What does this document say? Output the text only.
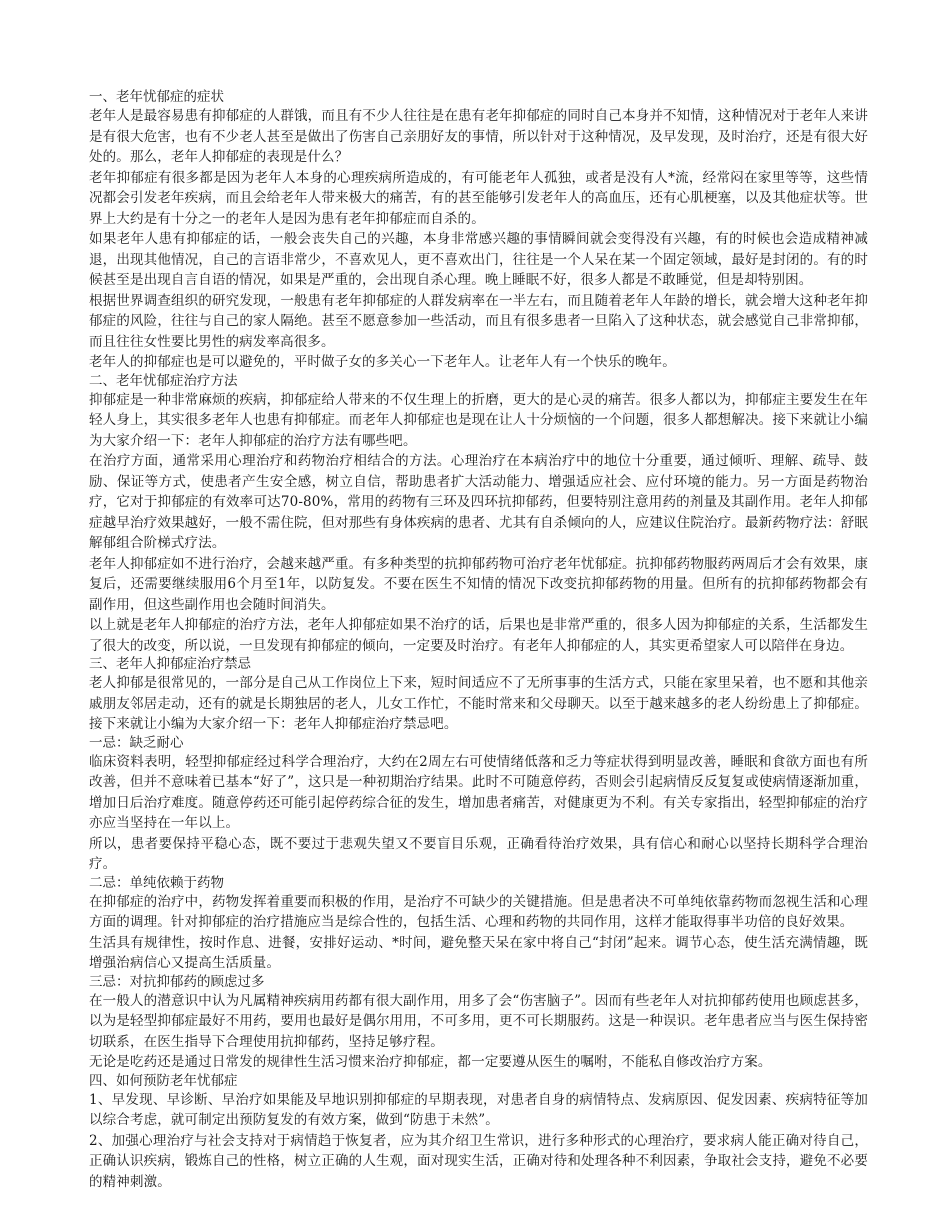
一、老年忧郁症的症状

老年人是最容易患有抑郁症的人群饿，而且有不少人往往是在患有老年抑郁症的同时自己本身并不知情，这种情况对于老年人来讲是有很大危害，也有不少老人甚至是做出了伤害自己亲朋好友的事情，所以针对于这种情况，及早发现，及时治疗，还是有很大好处的。那么，老年人抑郁症的表现是什么？

老年抑郁症有很多都是因为老年人本身的心理疾病所造成的，有可能老年人孤独，或者是没有人*流，经常闷在家里等等，这些情况都会引发老年疾病，而且会给老年人带来极大的痛苦，有的甚至能够引发老年人的高血压，还有心肌梗塞，以及其他症状等。世界上大约是有十分之一的老年人是因为患有老年抑郁症而自杀的。

如果老年人患有抑郁症的话，一般会丧失自己的兴趣，本身非常感兴趣的事情瞬间就会变得没有兴趣，有的时候也会造成精神减退，出现其他情况，自己的言语非常少，不喜欢见人，更不喜欢出门，往往是一个人呆在某一个固定领域，最好是封闭的。有的时候甚至是出现自言自语的情况，如果是严重的，会出现自杀心理。晚上睡眠不好，很多人都是不敢睡觉，但是却特别困。

根据世界调查组织的研究发现，一般患有老年抑郁症的人群发病率在一半左右，而且随着老年人年龄的增长，就会增大这种老年抑郁症的风险，往往与自己的家人隔绝。甚至不愿意参加一些活动，而且有很多患者一旦陷入了这种状态，就会感觉自己非常抑郁，而且往往女性要比男性的病发率高很多。

老年人的抑郁症也是可以避免的，平时做子女的多关心一下老年人。让老年人有一个快乐的晚年。

二、老年忧郁症治疗方法

抑郁症是一种非常麻烦的疾病，抑郁症给人带来的不仅生理上的折磨，更大的是心灵的痛苦。很多人都以为，抑郁症主要发生在年轻人身上，其实很多老年人也患有抑郁症。而老年人抑郁症也是现在让人十分烦恼的一个问题，很多人都想解决。接下来就让小编为大家介绍一下：老年人抑郁症的治疗方法有哪些吧。

在治疗方面，通常采用心理治疗和药物治疗相结合的方法。心理治疗在本病治疗中的地位十分重要，通过倾听、理解、疏导、鼓励、保证等方式，使患者产生安全感，树立自信，帮助患者扩大活动能力、增强适应社会、应付环境的能力。另一方面是药物治疗，它对于抑郁症的有效率可达70-80%，常用的药物有三环及四环抗抑郁药，但要特别注意用药的剂量及其副作用。老年人抑郁症越早治疗效果越好，一般不需住院，但对那些有身体疾病的患者、尤其有自杀倾向的人，应建议住院治疗。最新药物疗法：舒眠解郁组合阶梯式疗法。

老年人抑郁症如不进行治疗，会越来越严重。有多种类型的抗抑郁药物可治疗老年忧郁症。抗抑郁药物服药两周后才会有效果，康复后，还需要继续服用6个月至1年，以防复发。不要在医生不知情的情况下改变抗抑郁药物的用量。但所有的抗抑郁药物都会有副作用，但这些副作用也会随时间消失。

以上就是老年人抑郁症的治疗方法，老年人抑郁症如果不治疗的话，后果也是非常严重的，很多人因为抑郁症的关系，生活都发生了很大的改变，所以说，一旦发现有抑郁症的倾向，一定要及时治疗。有老年人抑郁症的人，其实更希望家人可以陪伴在身边。

三、老年人抑郁症治疗禁忌

老人抑郁是很常见的，一部分是自己从工作岗位上下来，短时间适应不了无所事事的生活方式，只能在家里呆着，也不愿和其他亲戚朋友邻居走动，还有的就是长期独居的老人，儿女工作忙，不能时常来和父母聊天。以至于越来越多的老人纷纷患上了抑郁症。接下来就让小编为大家介绍一下：老年人抑郁症治疗禁忌吧。

一忌：缺乏耐心

临床资料表明，轻型抑郁症经过科学合理治疗，大约在2周左右可使情绪低落和乏力等症状得到明显改善，睡眠和食欲方面也有所改善，但并不意味着已基本“好了”，这只是一种初期治疗结果。此时不可随意停药，否则会引起病情反反复复或使病情逐渐加重，增加日后治疗难度。随意停药还可能引起停药综合征的发生，增加患者痛苦，对健康更为不利。有关专家指出，轻型抑郁症的治疗亦应当坚持在一年以上。

所以，患者要保持平稳心态，既不要过于悲观失望又不要盲目乐观，正确看待治疗效果，具有信心和耐心以坚持长期科学合理治疗。

二忌：单纯依赖于药物

在抑郁症的治疗中，药物发挥着重要而积极的作用，是治疗不可缺少的关键措施。但是患者决不可单纯依靠药物而忽视生活和心理方面的调理。针对抑郁症的治疗措施应当是综合性的，包括生活、心理和药物的共同作用，这样才能取得事半功倍的良好效果。

生活具有规律性，按时作息、进餐，安排好运动、*时间，避免整天呆在家中将自己“封闭”起来。调节心态，使生活充满情趣，既增强治病信心又提高生活质量。

三忌：对抗抑郁药的顾虑过多

在一般人的潜意识中认为凡属精神疾病用药都有很大副作用，用多了会“伤害脑子”。因而有些老年人对抗抑郁药使用也顾虑甚多，以为是轻型抑郁症最好不用药，要用也最好是偶尔用用，不可多用，更不可长期服药。这是一种误识。老年患者应当与医生保持密切联系，在医生指导下合理使用抗抑郁药，坚持足够疗程。

无论是吃药还是通过日常发的规律性生活习惯来治疗抑郁症，都一定要遵从医生的嘱咐，不能私自修改治疗方案。

四、如何预防老年忧郁症

1、早发现、早诊断、早治疗如果能及早地识别抑郁症的早期表现，对患者自身的病情特点、发病原因、促发因素、疾病特征等加以综合考虑，就可制定出预防复发的有效方案，做到“防患于未然”。

2、加强心理治疗与社会支持对于病情趋于恢复者，应为其介绍卫生常识，进行多种形式的心理治疗，要求病人能正确对待自己，正确认识疾病，锻炼自己的性格，树立正确的人生观，面对现实生活，正确对待和处理各种不利因素，争取社会支持，避免不必要的精神刺激。
